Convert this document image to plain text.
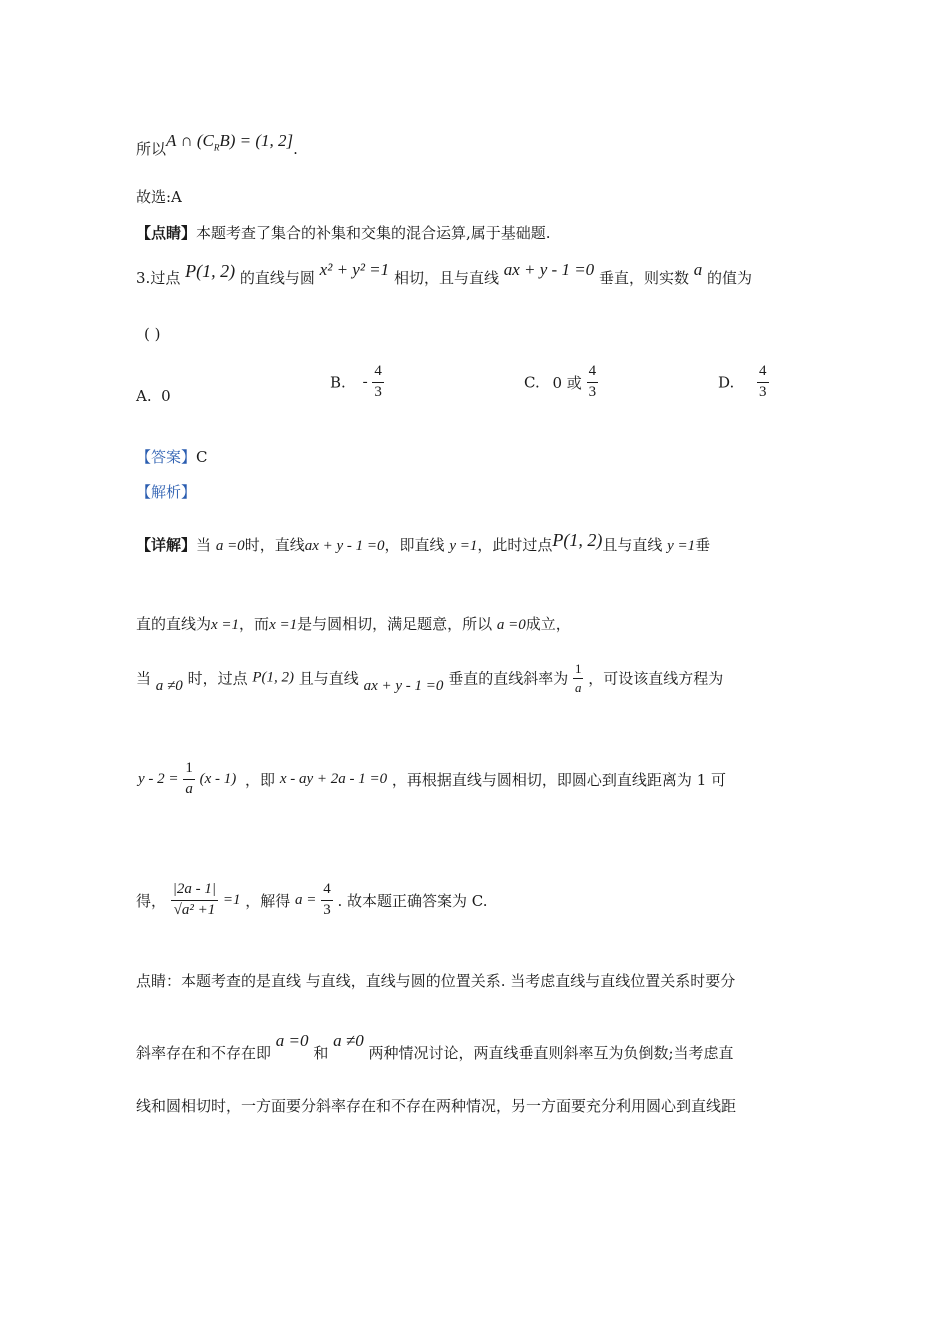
所以A ∩ $(C_RB) = (1$, 2].
故选:A
【点睛】本题考查了集合的补集和交集的混合运算,属于基础题.
3.过点 P(1, 2) 的直线与圆 x² + y² =1 相切，且与直线 ax + y - 1 =0 垂直，则实数 a 的值为
( )
A. 0
B. - $\frac{4}{3}$	C. 0 或 $\frac{4}{3}$	D. $\frac{4}{3}$
【答案】C
【解析】
【详解】当 a =0时，直线ax + y - 1 =0，即直线 y =1，此时过点P(1, 2)且与直线 y =1垂
直的直线为x =1，而x =1是与圆相切，满足题意，所以 a =0成立，
当 a ≠0 时，过点 P(1, 2) 且与直线 ax + y - 1 =0 垂直的直线斜率为 $\frac{1}{a}$ ，可设该直线方程为
$y - 2 = \frac{1}{a} (x - 1)$ ，即 x - ay + 2a - 1 =0 ，再根据直线与圆相切，即圆心到直线距离为 1 可
得， $\frac{|2a - 1|}{\text{√a² +1}} =1$ ，解得 $a = \frac{4}{3}$ . 故本题正确答案为 C.
点睛：本题考查的是直线 与直线，直线与圆的位置关系. 当考虑直线与直线位置关系时要分
斜率存在和不存在即 a =0 和 a ≠0 两种情况讨论，两直线垂直则斜率互为负倒数;当考虑直
线和圆相切时，一方面要分斜率存在和不存在两种情况，另一方面要充分利用圆心到直线距
